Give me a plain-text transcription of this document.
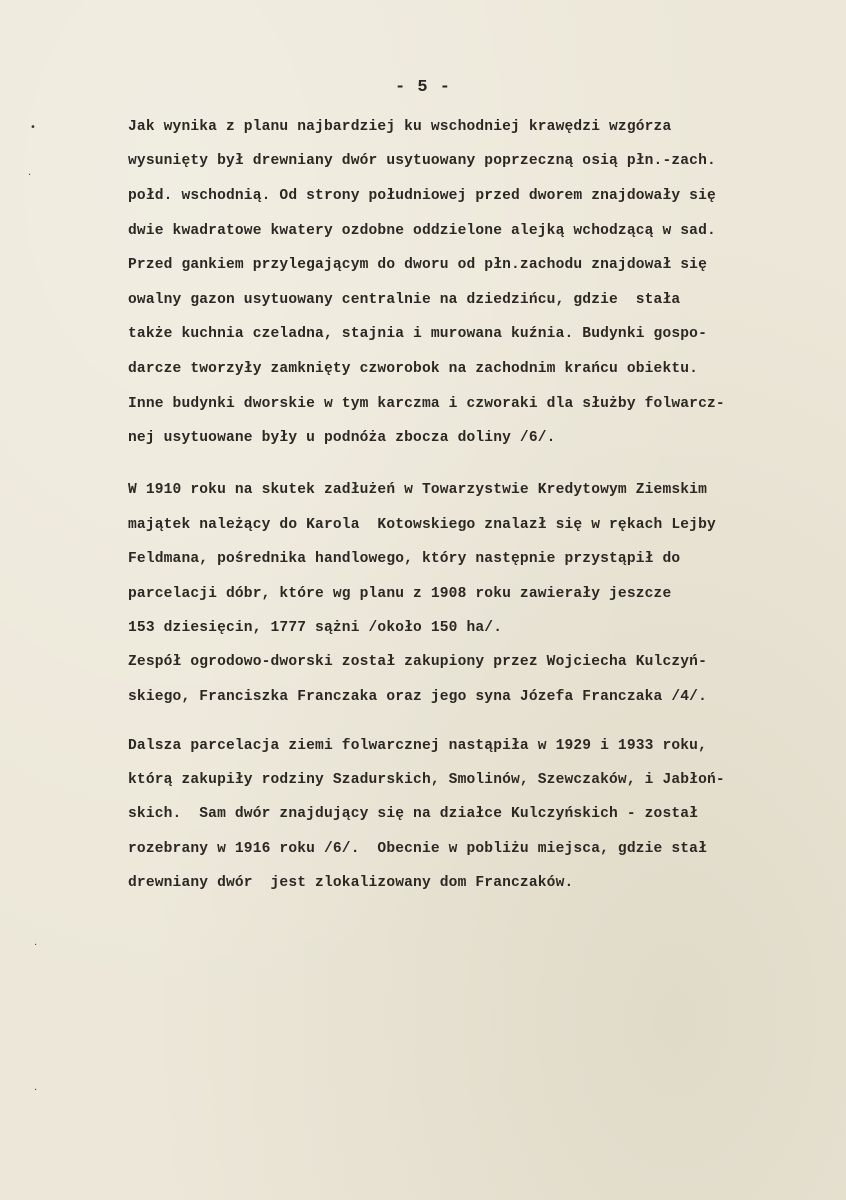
- 5 -
Jak wynika z planu najbardziej ku wschodniej krawędzi wzgórza
wysunięty był drewniany dwór usytuowany poprzeczną osią płn.-zach.
połd. wschodnią. Od strony południowej przed dworem znajdowały się
dwie kwadratowe kwatery ozdobne oddzielone alejką wchodzącą w sad.
Przed gankiem przylegającym do dworu od płn.zachodu znajdował się
owalny gazon usytuowany centralnie na dziedzińcu, gdzie  stała
także kuchnia czeladna, stajnia i murowana kuźnia. Budynki gospo-
darcze tworzyły zamknięty czworobok na zachodnim krańcu obiektu.
Inne budynki dworskie w tym karczma i czworaki dla służby folwarcz-
nej usytuowane były u podnóża zbocza doliny /6/.
W 1910 roku na skutek zadłużeń w Towarzystwie Kredytowym Ziemskim
majątek należący do Karola  Kotowskiego znalazł się w rękach Lejby
Feldmana, pośrednika handlowego, który następnie przystąpił do
parcelacji dóbr, które wg planu z 1908 roku zawierały jeszcze
153 dziesięcin, 1777 sążni /około 150 ha/.
Zespół ogrodowo-dworski został zakupiony przez Wojciecha Kulczyń-
skiego, Franciszka Franczaka oraz jego syna Józefa Franczaka /4/.
Dalsza parcelacja ziemi folwarcznej nastąpiła w 1929 i 1933 roku,
którą zakupiły rodziny Szadurskich, Smolinów, Szewczaków, i Jabłoń-
skich.  Sam dwór znajdujący się na działce Kulczyńskich - został
rozebrany w 1916 roku /6/.  Obecnie w pobliżu miejsca, gdzie stał
drewniany dwór  jest zlokalizowany dom Franczaków.
•
·
·
·
